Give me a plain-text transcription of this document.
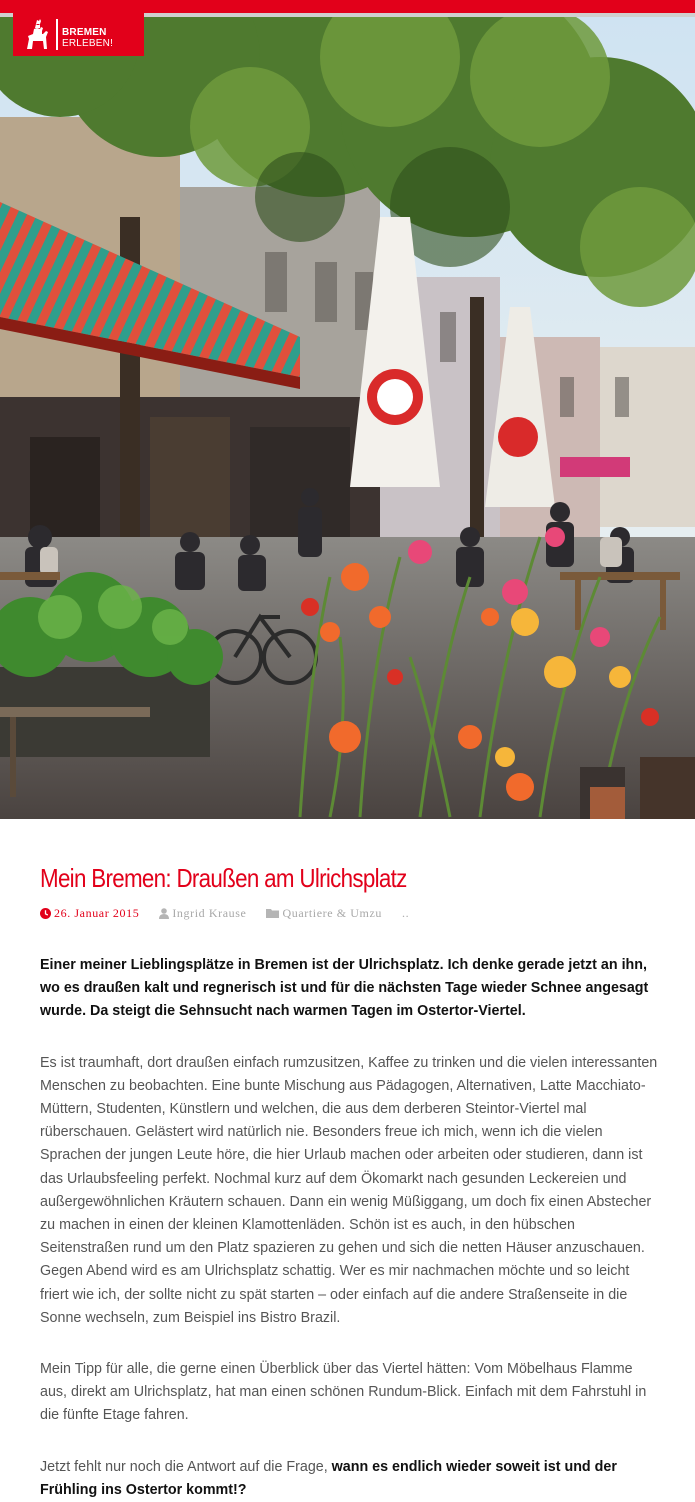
BREMEN
ERLEBEN!
Mein Bremen: Draußen am Ulrichsplatz
26. Januar 2015	Ingrid Krause	Quartiere & Umzu ..

Einer meiner Lieblingsplätze in Bremen ist der Ulrichsplatz. Ich denke gerade jetzt an ihn, wo es draußen kalt und regnerisch ist und für die nächsten Tage wieder Schnee angesagt wurde. Da steigt die Sehnsucht nach warmen Tagen im Ostertor-Viertel.

Es ist traumhaft, dort draußen einfach rumzusitzen, Kaffee zu trinken und die vielen interessanten Menschen zu beobachten. Eine bunte Mischung aus Pädagogen, Alternativen, Latte Macchiato-Müttern, Studenten, Künstlern und welchen, die aus dem derberen Steintor-Viertel mal rüberschauen. Gelästert wird natürlich nie. Besonders freue ich mich, wenn ich die vielen Sprachen der jungen Leute höre, die hier Urlaub machen oder arbeiten oder studieren, dann ist das Urlaubsfeeling perfekt. Nochmal kurz auf dem Ökomarkt nach gesunden Leckereien und außergewöhnlichen Kräutern schauen. Dann ein wenig Müßiggang, um doch fix einen Abstecher zu machen in einen der kleinen Klamottenläden. Schön ist es auch, in den hübschen Seitenstraßen rund um den Platz spazieren zu gehen und sich die netten Häuser anzuschauen. Gegen Abend wird es am Ulrichsplatz schattig. Wer es mir nachmachen möchte und so leicht friert wie ich, der sollte nicht zu spät starten – oder einfach auf die andere Straßenseite in die Sonne wechseln, zum Beispiel ins Bistro Brazil.

Mein Tipp für alle, die gerne einen Überblick über das Viertel hätten: Vom Möbelhaus Flamme aus, direkt am Ulrichsplatz, hat man einen schönen Rundum-Blick. Einfach mit dem Fahrstuhl in die fünfte Etage fahren.

Jetzt fehlt nur noch die Antwort auf die Frage, wann es endlich wieder soweit ist und der Frühling ins Ostertor kommt!?
